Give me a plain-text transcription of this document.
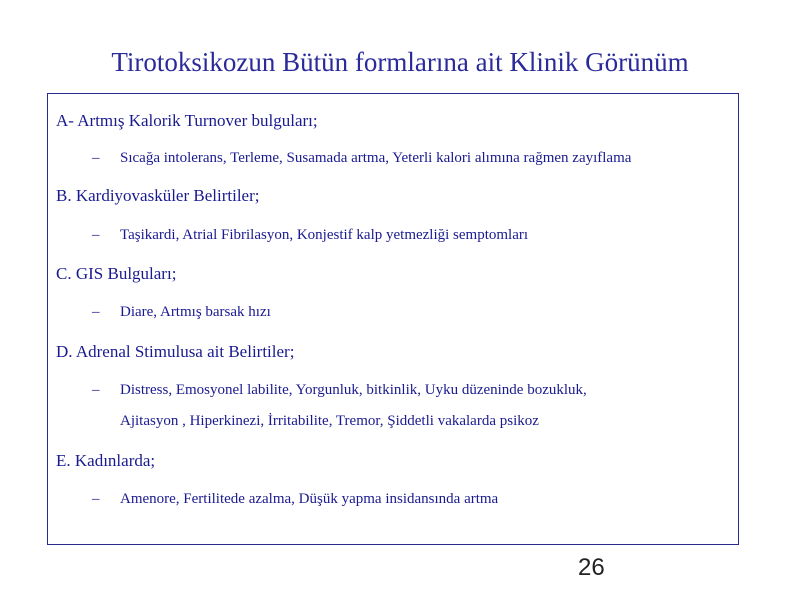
Tirotoksikozun Bütün formlarına ait Klinik Görünüm
A- Artmış Kalorik Turnover bulguları;
–	Sıcağa intolerans, Terleme, Susamada artma, Yeterli kalori alımına rağmen zayıflama
B. Kardiyovasküler Belirtiler;
–	Taşikardi, Atrial Fibrilasyon, Konjestif kalp yetmezliği semptomları
C. GIS Bulguları;
–	Diare, Artmış barsak hızı
D. Adrenal Stimulusa ait Belirtiler;
–	Distress, Emosyonel labilite, Yorgunluk, bitkinlik, Uyku düzeninde bozukluk,
Ajitasyon , Hiperkinezi, İrritabilite, Tremor, Şiddetli vakalarda psikoz
E. Kadınlarda;
–	Amenore, Fertilitede azalma, Düşük yapma insidansında artma
26
